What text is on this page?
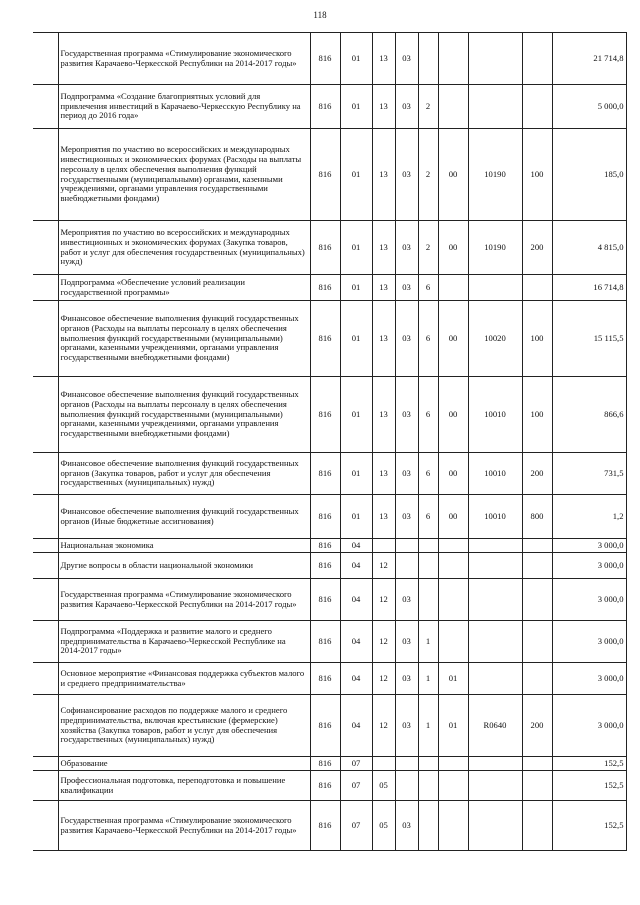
118
	Государственная программа «Стимулирование экономического развития Карачаево-Черкесской Республики на 2014-2017 годы»	816	01	13	03					21 714,8
	Подпрограмма «Создание благоприятных условий для привлечения инвестиций в Карачаево-Черкесскую Республику на период до 2016 года»	816	01	13	03	2				5 000,0
	Мероприятия по участию во всероссийских и международных инвестиционных и экономических форумах (Расходы на выплаты персоналу в целях обеспечения выполнения функций государственными (муниципальными) органами, казенными учреждениями, органами управления государственными внебюджетными фондами)	816	01	13	03	2	00	10190	100	185,0
	Мероприятия по участию во всероссийских и международных инвестиционных и экономических форумах (Закупка товаров, работ и услуг для обеспечения государственных (муниципальных) нужд)	816	01	13	03	2	00	10190	200	4 815,0
	Подпрограмма «Обеспечение условий реализации государственной программы»	816	01	13	03	6				16 714,8
	Финансовое обеспечение выполнения функций государственных органов (Расходы на выплаты персоналу в целях обеспечения выполнения функций государственными (муниципальными) органами, казенными учреждениями, органами управления государственными внебюджетными фондами)	816	01	13	03	6	00	10020	100	15 115,5
	Финансовое обеспечение выполнения функций государственных органов (Расходы на выплаты персоналу в целях обеспечения выполнения функций государственными (муниципальными) органами, казенными учреждениями, органами управления государственными внебюджетными фондами)	816	01	13	03	6	00	10010	100	866,6
	Финансовое обеспечение выполнения функций государственных органов (Закупка товаров, работ и услуг для обеспечения государственных (муниципальных) нужд)	816	01	13	03	6	00	10010	200	731,5
	Финансовое обеспечение выполнения функций государственных органов (Иные бюджетные ассигнования)	816	01	13	03	6	00	10010	800	1,2
	Национальная экономика	816	04							3 000,0
	Другие вопросы в области национальной экономики	816	04	12						3 000,0
	Государственная программа «Стимулирование экономического развития Карачаево-Черкесской Республики на 2014-2017 годы»	816	04	12	03					3 000,0
	Подпрограмма «Поддержка и развитие малого и среднего предпринимательства в Карачаево-Черкесской Республике на 2014-2017 годы»	816	04	12	03	1				3 000,0
	Основное мероприятие «Финансовая поддержка субъектов малого и среднего предпринимательства»	816	04	12	03	1	01			3 000,0
	Софинансирование расходов по поддержке малого и среднего предпринимательства, включая крестьянские (фермерские) хозяйства (Закупка товаров, работ и услуг для обеспечения государственных (муниципальных) нужд)	816	04	12	03	1	01	R0640	200	3 000,0
	Образование	816	07							152,5
	Профессиональная подготовка, переподготовка и повышение квалификации	816	07	05						152,5
	Государственная программа «Стимулирование экономического развития Карачаево-Черкесской Республики на 2014-2017 годы»	816	07	05	03					152,5
